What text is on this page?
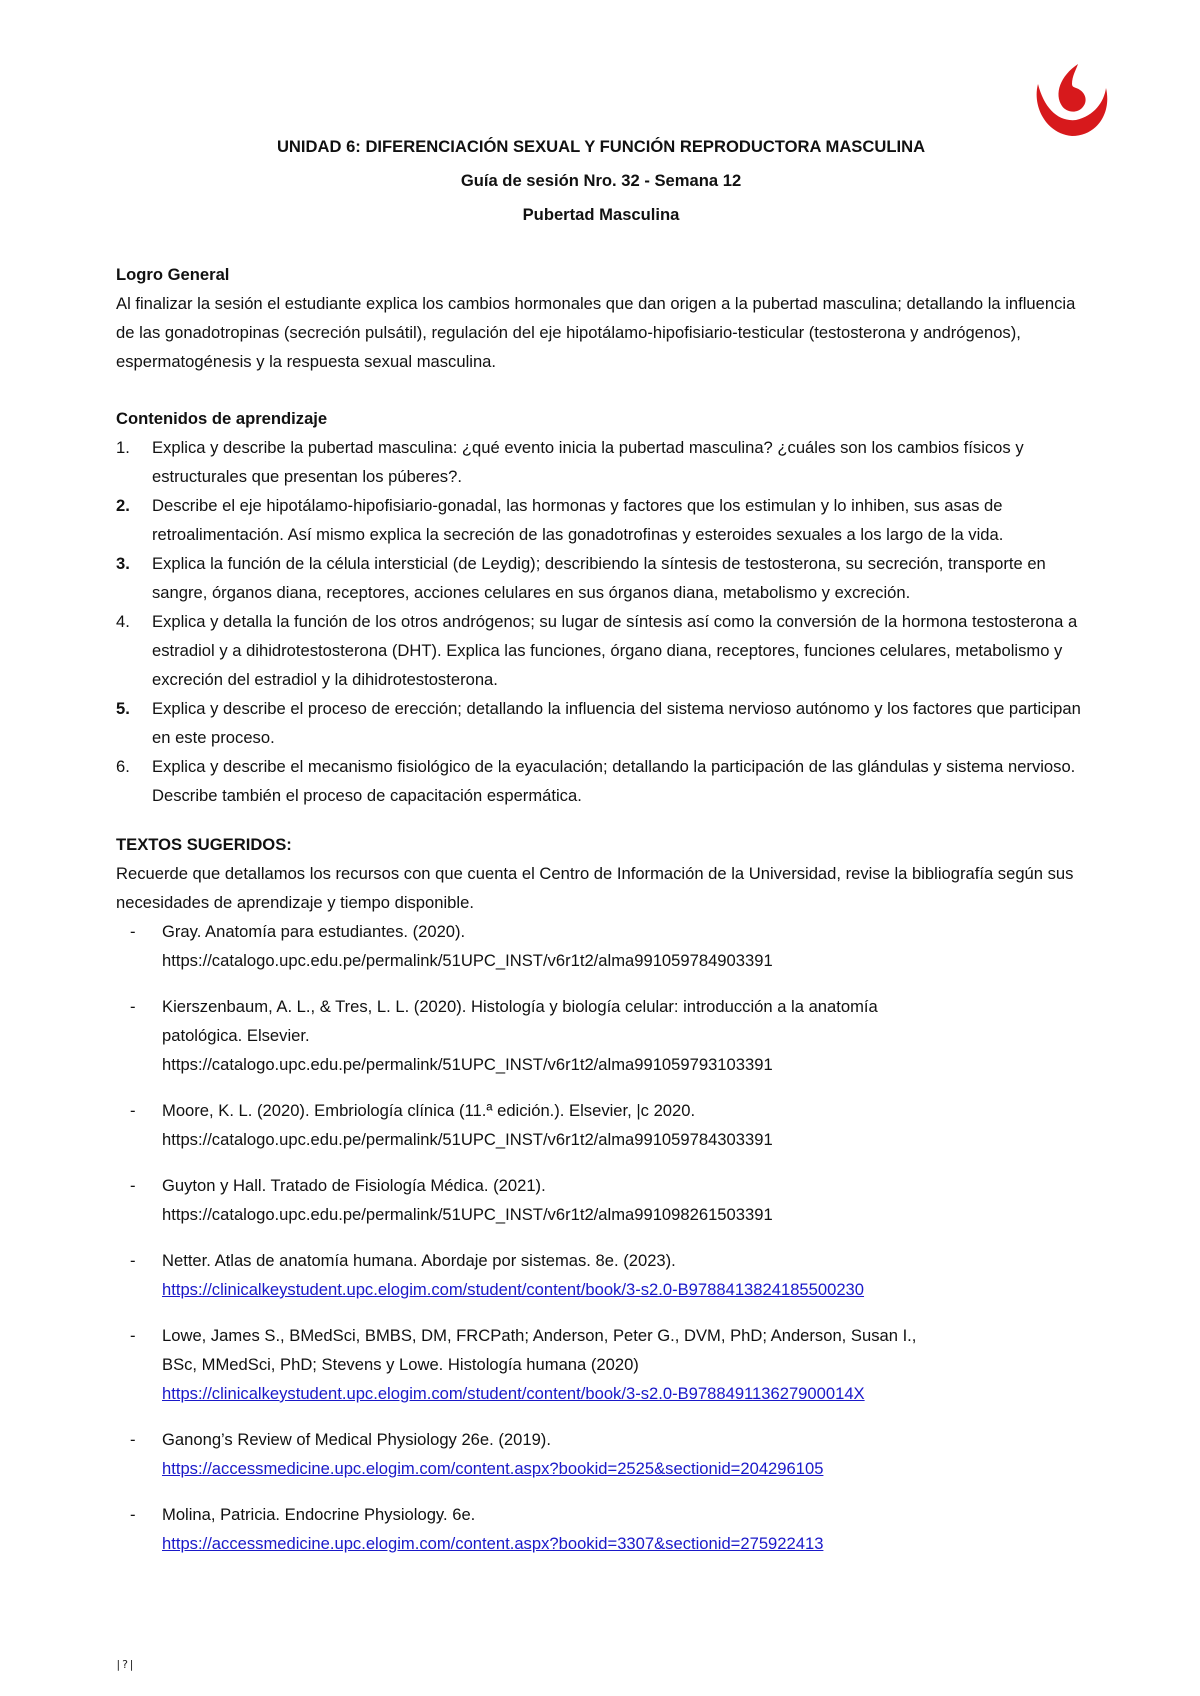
UNIDAD 6: DIFERENCIACIÓN SEXUAL Y FUNCIÓN REPRODUCTORA MASCULINA

Guía de sesión Nro. 32 - Semana 12

Pubertad Masculina

Logro General

Al finalizar la sesión el estudiante explica los cambios hormonales que dan origen a la pubertad masculina; detallando la influencia de las gonadotropinas (secreción pulsátil), regulación del eje hipotálamo-hipofisiario-testicular (testosterona y andrógenos), espermatogénesis y la respuesta sexual masculina.

Contenidos de aprendizaje

1.	Explica y describe la pubertad masculina: ¿qué evento inicia la pubertad masculina? ¿cuáles son los cambios físicos y estructurales que presentan los púberes?.
2.	Describe el eje hipotálamo-hipofisiario-gonadal, las hormonas y factores que los estimulan y lo inhiben, sus asas de retroalimentación. Así mismo explica la secreción de las gonadotrofinas y esteroides sexuales a los largo de la vida.
3.	Explica la función de la célula intersticial (de Leydig); describiendo la síntesis de testosterona, su secreción, transporte en sangre, órganos diana, receptores, acciones celulares en sus órganos diana, metabolismo y excreción.
4.	Explica y detalla la función de los otros andrógenos; su lugar de síntesis así como la conversión de la hormona testosterona a estradiol y a dihidrotestosterona (DHT). Explica las funciones, órgano diana, receptores, funciones celulares, metabolismo y excreción del estradiol y la dihidrotestosterona.
5.	Explica y describe el proceso de erección; detallando la influencia del sistema nervioso autónomo y los factores que participan en este proceso.
6.	Explica y describe el mecanismo fisiológico de la eyaculación; detallando la participación de las glándulas y sistema nervioso. Describe también el proceso de capacitación espermática.

TEXTOS SUGERIDOS:

Recuerde que detallamos los recursos con que cuenta el Centro de Información de la Universidad, revise la bibliografía según sus necesidades de aprendizaje y tiempo disponible.

-	Gray. Anatomía para estudiantes. (2020).
https://catalogo.upc.edu.pe/permalink/51UPC_INST/v6r1t2/alma991059784903391
-	Kierszenbaum, A. L., & Tres, L. L. (2020). Histología y biología celular: introducción a la anatomía
patológica. Elsevier.
https://catalogo.upc.edu.pe/permalink/51UPC_INST/v6r1t2/alma991059793103391
-	Moore, K. L. (2020). Embriología clínica (11.ª edición.). Elsevier, |c 2020.
https://catalogo.upc.edu.pe/permalink/51UPC_INST/v6r1t2/alma991059784303391
-	Guyton y Hall. Tratado de Fisiología Médica. (2021).
https://catalogo.upc.edu.pe/permalink/51UPC_INST/v6r1t2/alma991098261503391
-	Netter. Atlas de anatomía humana. Abordaje por sistemas. 8e. (2023).
https://clinicalkeystudent.upc.elogim.com/student/content/book/3-s2.0-B9788413824185500230
-	Lowe, James S., BMedSci, BMBS, DM, FRCPath; Anderson, Peter G., DVM, PhD; Anderson, Susan I.,
BSc, MMedSci, PhD; Stevens y Lowe. Histología humana (2020)
https://clinicalkeystudent.upc.elogim.com/student/content/book/3-s2.0-B978849113627900014X
-	Ganong’s Review of Medical Physiology 26e. (2019).
https://accessmedicine.upc.elogim.com/content.aspx?bookid=2525&sectionid=204296105
-	Molina, Patricia. Endocrine Physiology. 6e.
https://accessmedicine.upc.elogim.com/content.aspx?bookid=3307&sectionid=275922413
|?|
